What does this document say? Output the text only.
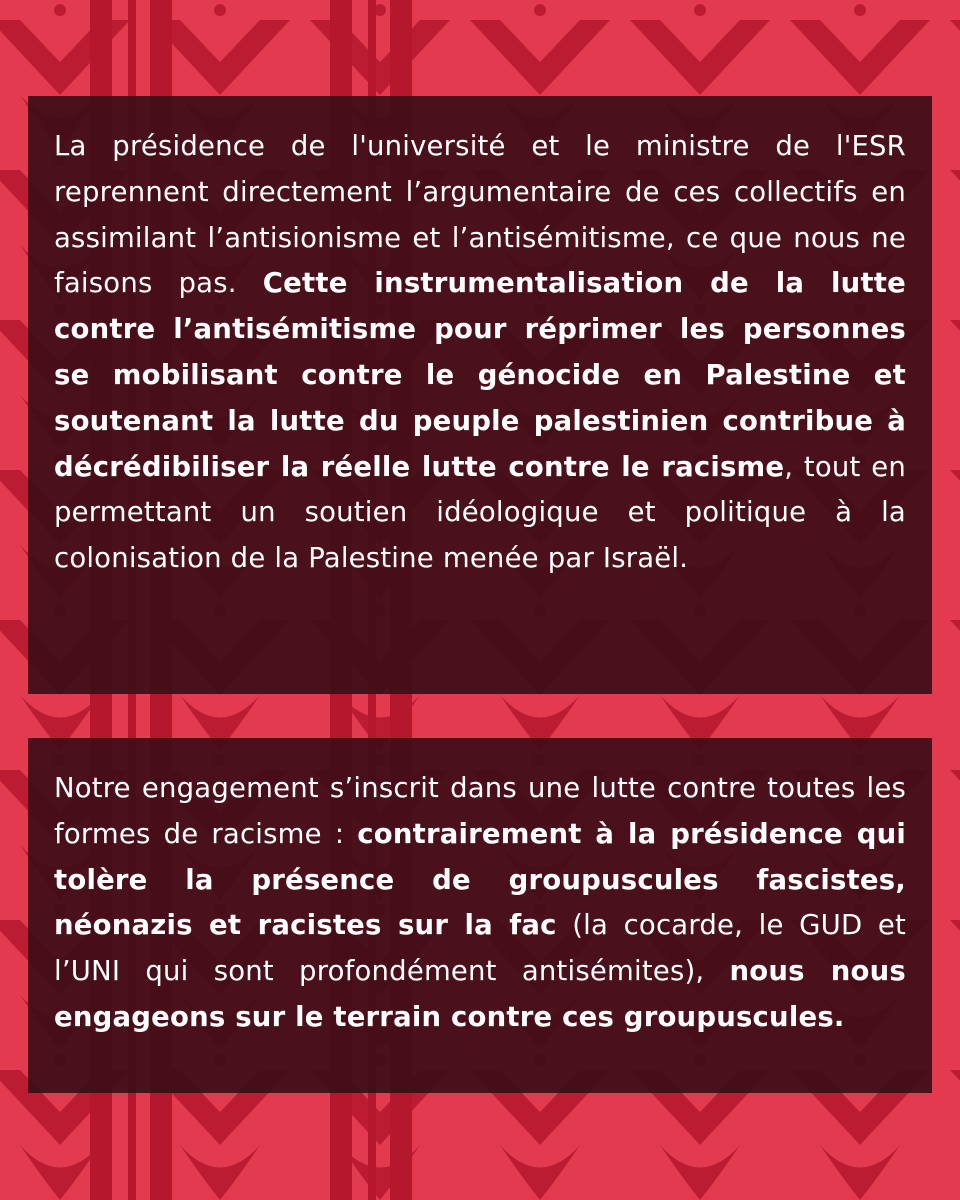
La présidence de l'université et le ministre de l'ESR reprennent directement l’argumentaire de ces collectifs en assimilant l’antisionisme et l’antisémitisme, ce que nous ne faisons pas. Cette instrumentalisation de la lutte contre l’antisémitisme pour réprimer les personnes se mobilisant contre le génocide en Palestine et soutenant la lutte du peuple palestinien contribue à décrédibiliser la réelle lutte contre le racisme, tout en permettant un soutien idéologique et politique à la colonisation de la Palestine menée par Israël.

Notre engagement s’inscrit dans une lutte contre toutes les formes de racisme : contrairement à la présidence qui tolère la présence de groupuscules fascistes, néonazis et racistes sur la fac (la cocarde, le GUD et l’UNI qui sont profondément antisémites), nous nous engageons sur le terrain contre ces groupuscules.
